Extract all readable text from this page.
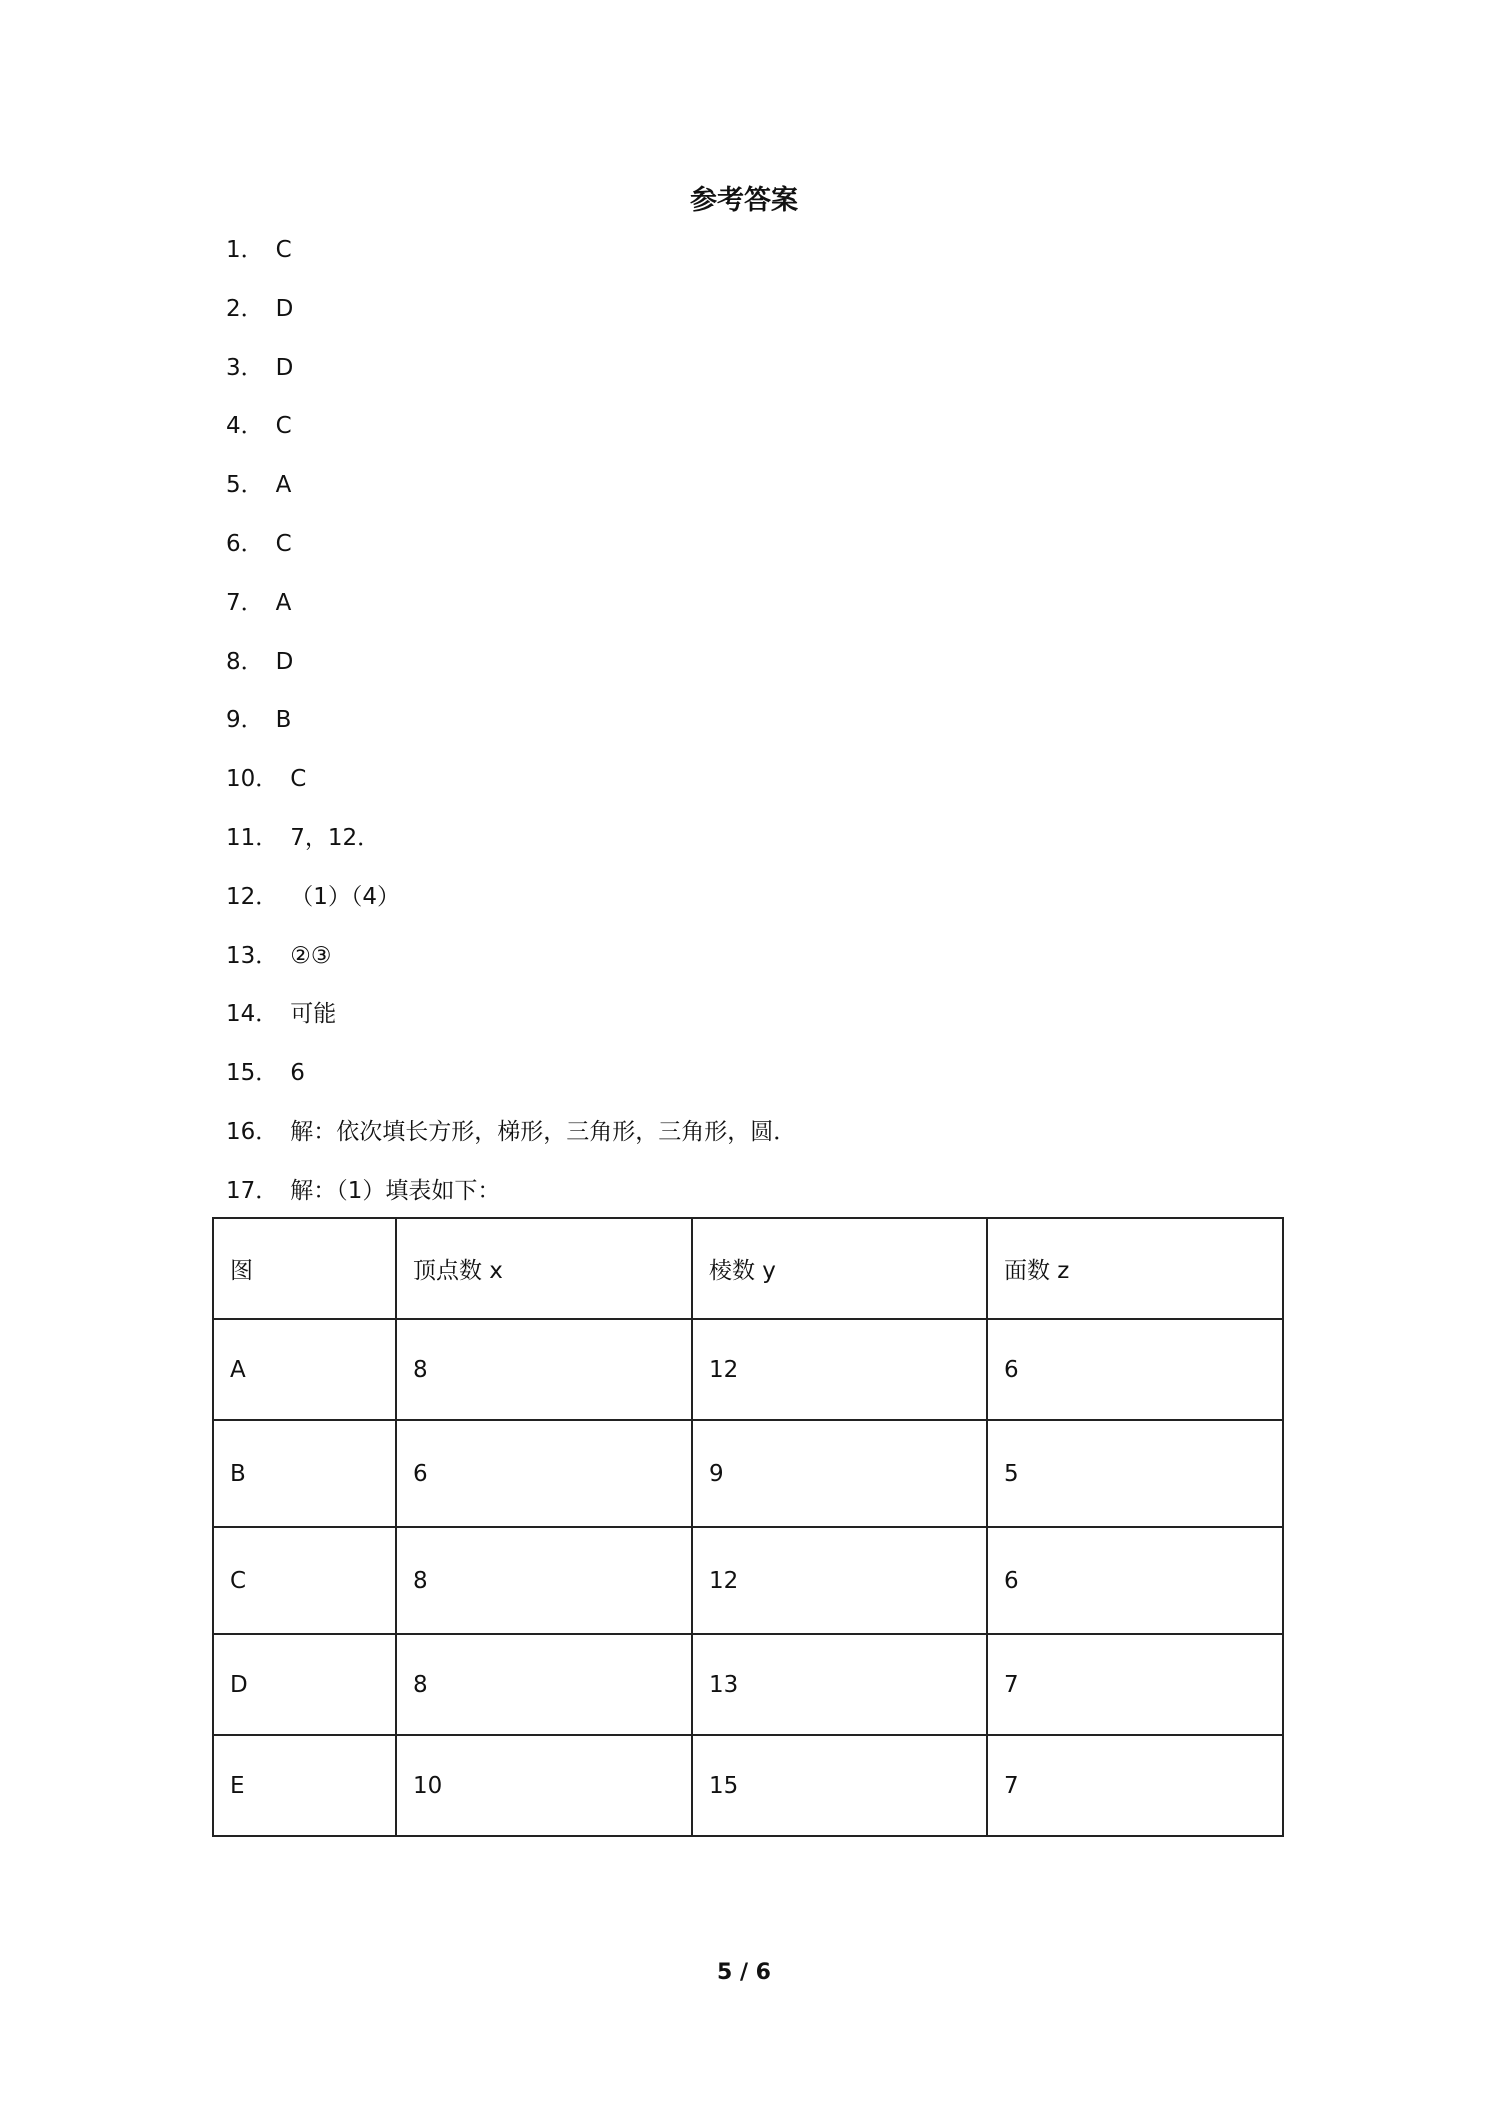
参考答案
1． C
2． D
3． D
4． C
5． A
6． C
7． A
8． D
9． B
10． C
11． 7，12．
12． （1）（4）
13． ②③
14． 可能
15． 6
16． 解：依次填长方形，梯形，三角形，三角形，圆．
17． 解：（1）填表如下：
图	顶点数 x	棱数 y	面数 z
A	8	12	6
B	6	9	5
C	8	12	6
D	8	13	7
E	10	15	7
5 / 6
